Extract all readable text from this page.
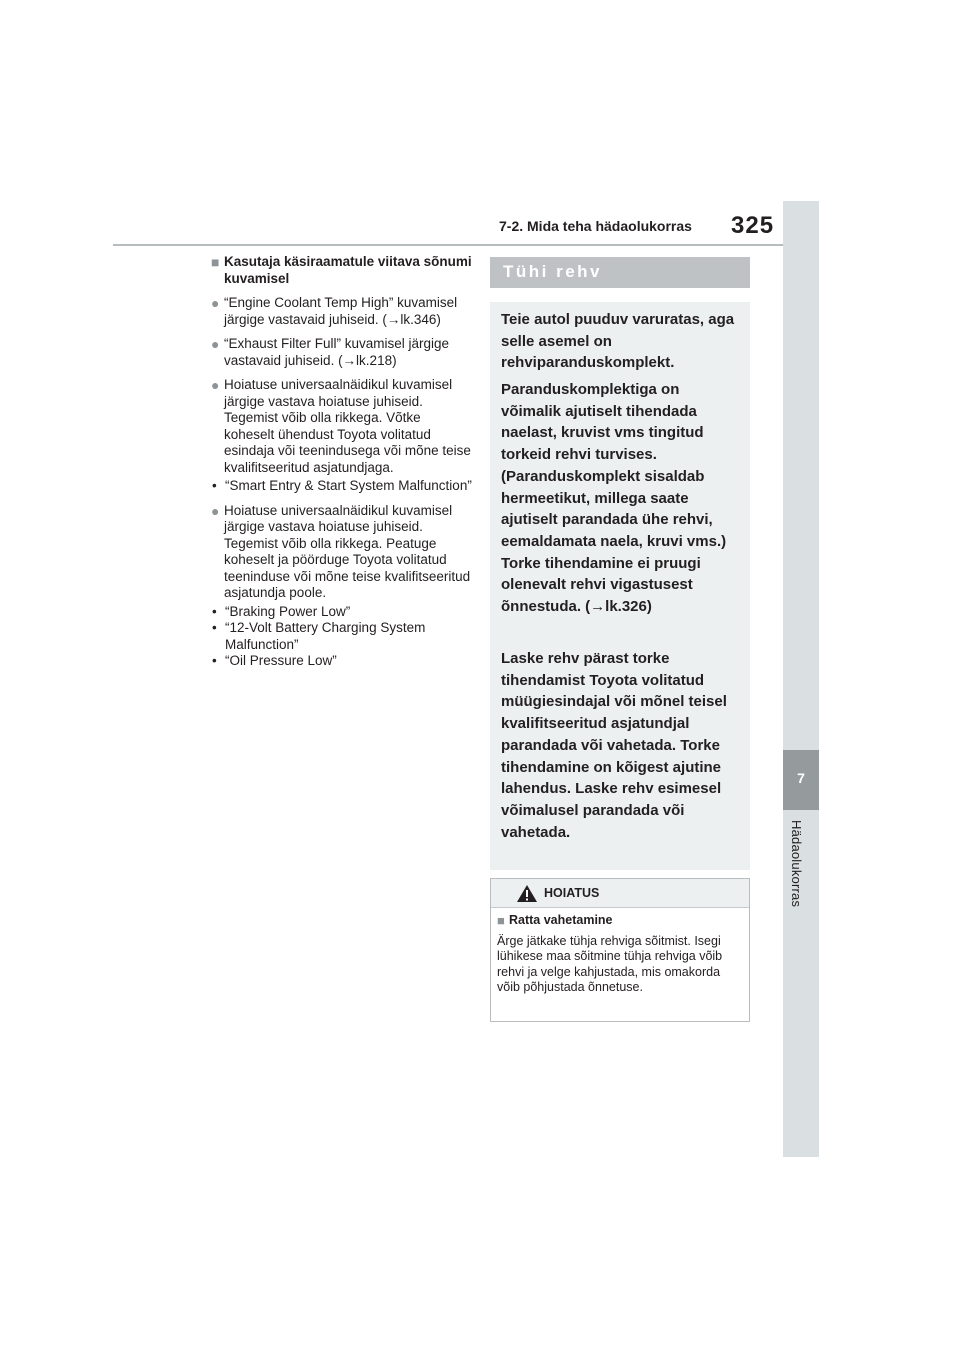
7-2. Mida teha hädaolukorras 325
7
Hädaolukorras
■ Kasutaja käsiraamatule viitava sõnumi kuvamisel
● “Engine Coolant Temp High” kuvamisel järgige vastavaid juhiseid. (→lk.346)
● “Exhaust Filter Full” kuvamisel järgige vastavaid juhiseid. (→lk.218)
● Hoiatuse universaalnäidikul kuvamisel järgige vastava hoiatuse juhiseid. Tegemist võib olla rikkega. Võtke koheselt ühendust Toyota volitatud esindaja või teenindusega või mõne teise kvalifitseeritud asjatundjaga.
• “Smart Entry & Start System Malfunction”
● Hoiatuse universaalnäidikul kuvamisel järgige vastava hoiatuse juhiseid. Tegemist võib olla rikkega. Peatuge koheselt ja pöörduge Toyota volitatud teeninduse või mõne teise kvalifitseeritud asjatundja poole.
• “Braking Power Low”
• “12-Volt Battery Charging System Malfunction”
• “Oil Pressure Low”
Tühi rehv
Teie autol puuduv varuratas, aga selle asemel on rehviparanduskomplekt.
Paranduskomplektiga on võimalik ajutiselt tihendada naelast, kruvist vms tingitud torkeid rehvi turvises. (Paranduskomplekt sisaldab hermeetikut, millega saate ajutiselt parandada ühe rehvi, eemaldamata naela, kruvi vms.) Torke tihendamine ei pruugi olenevalt rehvi vigastusest õnnestuda. (→lk.326)
Laske rehv pärast torke tihendamist Toyota volitatud müügiesindajal või mõnel teisel kvalifitseeritud asjatundjal parandada või vahetada. Torke tihendamine on kõigest ajutine lahendus. Laske rehv esimesel võimalusel parandada või vahetada.
HOIATUS
■ Ratta vahetamine
Ärge jätkake tühja rehviga sõitmist. Isegi lühikese maa sõitmine tühja rehviga võib rehvi ja velge kahjustada, mis omakorda võib põhjustada õnnetuse.
